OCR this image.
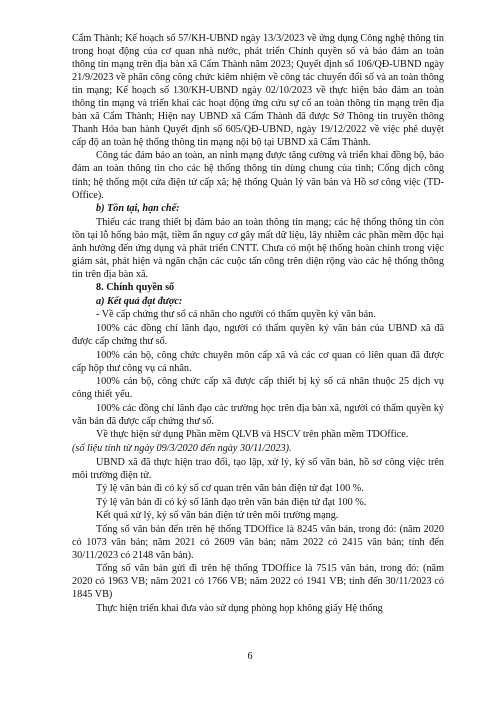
Cẩm Thành; Kế hoạch số 57/KH-UBND ngày 13/3/2023 về ứng dụng Công nghệ thông tin trong hoạt động của cơ quan nhà nước, phát triển Chính quyền số và bảo đảm an toàn thông tin mạng trên địa bàn xã Cẩm Thành năm 2023; Quyết định số 106/QĐ-UBND ngày 21/9/2023 về phân công công chức kiêm nhiệm về công tác chuyển đổi số và an toàn thông tin mạng; Kế hoạch số 130/KH-UBND ngày 02/10/2023 về thực hiện bảo đảm an toàn thông tin mạng và triển khai các hoạt động ứng cứu sự cố an toàn thông tin mạng trên địa bàn xã Cẩm Thành; Hiện nay UBND xã Cẩm Thành đã được Sở Thông tin truyền thông Thanh Hóa ban hành Quyết định số 605/QĐ-UBND, ngày 19/12/2022 về việc phê duyệt cấp độ an toàn hệ thống thông tin mạng nội bộ tại UBND xã Cẩm Thành.

Công tác đảm bảo an toàn, an ninh mạng được tăng cường và triển khai đồng bộ, bảo đảm an toàn thông tin cho các hệ thống thông tin dùng chung của tỉnh; Cổng dịch công tỉnh; hệ thống một cửa điện tử cấp xã; hệ thống Quản lý văn bản và Hồ sơ công việc (TD-Office).

b) Tồn tại, hạn chế:

Thiếu các trang thiết bị đảm bảo an toàn thông tin mạng; các hệ thống thông tin còn tồn tại lỗ hổng bảo mật, tiềm ẩn nguy cơ gây mất dữ liệu, lây nhiễm các phần mềm độc hại ảnh hưởng đến ứng dụng và phát triển CNTT. Chưa có một hệ thống hoàn chỉnh trong việc giám sát, phát hiện và ngăn chặn các cuộc tấn công trên diện rộng vào các hệ thống thông tin trên địa bàn xã.

8. Chính quyền số

a) Kết quả đạt được:

- Về cấp chứng thư số cá nhân cho người có thẩm quyền ký văn bản.

100% các đồng chí lãnh đạo, người có thẩm quyền ký văn bản của UBND xã đã được cấp chứng thư số.

100% cán bộ, công chức chuyên môn cấp xã và các cơ quan có liên quan đã được cấp hộp thư công vụ cá nhân.

100% cán bộ, công chức cấp xã được cấp thiết bị ký số cá nhân thuộc 25 dịch vụ công thiết yếu.

100% các đồng chí lãnh đạo các trường học trên địa bàn xã, người có thẩm quyền ký văn bản đã được cấp chứng thư số.

Về thực hiện sử dụng Phần mềm QLVB và HSCV trên phần mềm TDOffice.

(số liệu tính từ ngày 09/3/2020 đến ngày 30/11/2023).

UBND xã đã thực hiện trao đổi, tạo lập, xử lý, ký số văn bản, hồ sơ công việc trên môi trường điện tử.

Tỷ lệ văn bản đi có ký số cơ quan trên văn bản điện tử đạt 100 %.

Tỷ lệ văn bản đi có ký số lãnh đạo trên văn bản điện tử đạt 100 %.

Kết quả xử lý, ký số văn bản điện tử trên môi trường mạng.

Tổng số văn bản đến trên hệ thống TDOffice là 8245 văn bản, trong đó: (năm 2020 có 1073 văn bản; năm 2021 có 2609 văn bản; năm 2022 có 2415 văn bản; tính đến 30/11/2023 có 2148 văn bản).

Tổng số văn bản gửi đi trên hệ thống TDOffice là 7515 văn bản, trong đó: (năm 2020 có 1963 VB; năm 2021 có 1766 VB; năm 2022 có 1941 VB; tính đến 30/11/2023 có 1845 VB)

Thực hiện triển khai đưa vào sử dụng phòng họp không giấy Hệ thống

6
